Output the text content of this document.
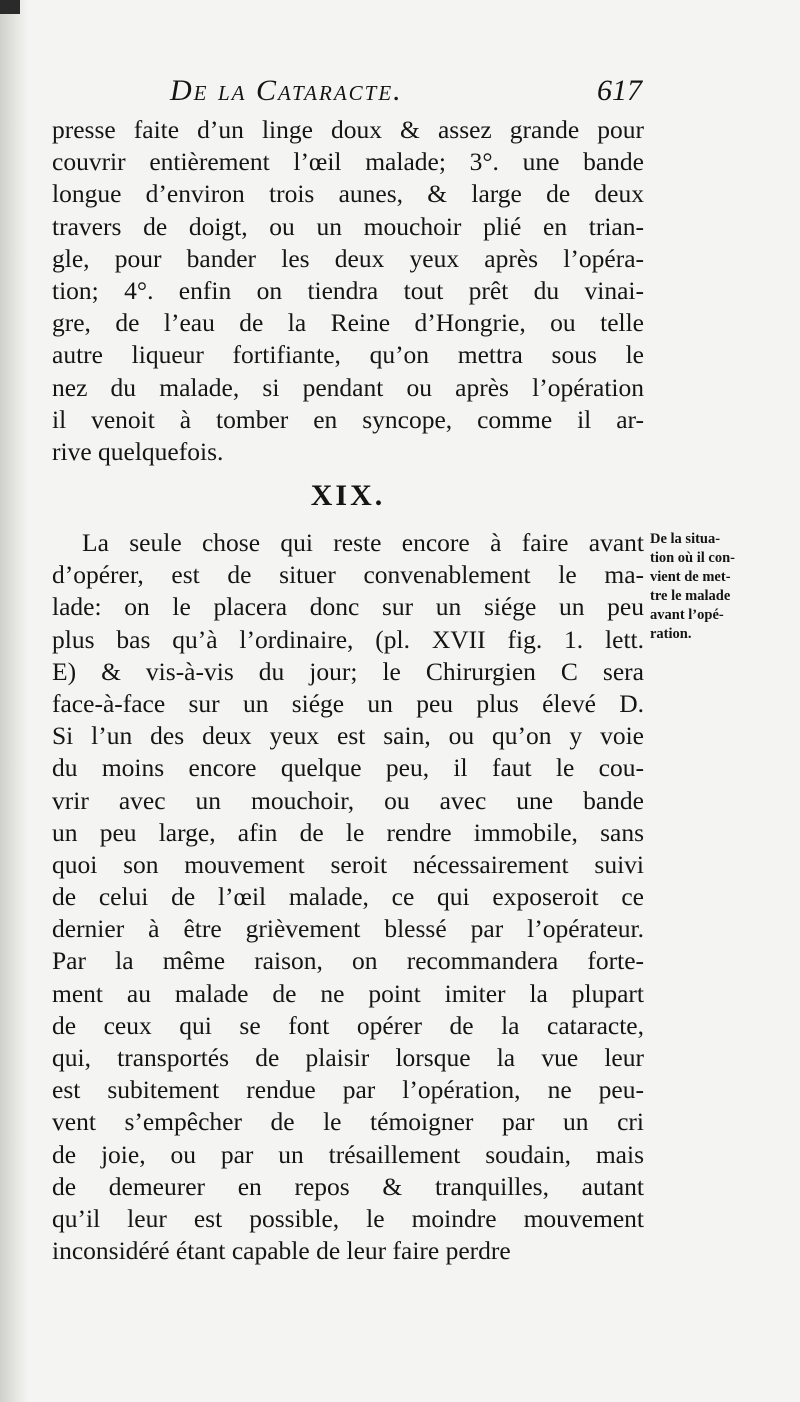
De la Cataracte.	617
presse faite d’un linge doux & assez grande pour
couvrir entièrement l’œil malade; 3°. une bande
longue d’environ trois aunes, & large de deux
travers de doigt, ou un mouchoir plié en trian-
gle, pour bander les deux yeux après l’opéra-
tion; 4°. enfin on tiendra tout prêt du vinai-
gre, de l’eau de la Reine d’Hongrie, ou telle
autre liqueur fortifiante, qu’on mettra sous le
nez du malade, si pendant ou après l’opération
il venoit à tomber en syncope, comme il ar-
rive quelquefois.
XIX.
La seule chose qui reste encore à faire avant
d’opérer, est de situer convenablement le ma-
lade: on le placera donc sur un siége un peu
plus bas qu’à l’ordinaire, (pl. XVII fig. 1. lett.
E) & vis-à-vis du jour; le Chirurgien C sera
face-à-face sur un siége un peu plus élevé D.
Si l’un des deux yeux est sain, ou qu’on y voie
du moins encore quelque peu, il faut le cou-
vrir avec un mouchoir, ou avec une bande
un peu large, afin de le rendre immobile, sans
quoi son mouvement seroit nécessairement suivi
de celui de l’œil malade, ce qui exposeroit ce
dernier à être grièvement blessé par l’opérateur.
Par la même raison, on recommandera forte-
ment au malade de ne point imiter la plupart
de ceux qui se font opérer de la cataracte,
qui, transportés de plaisir lorsque la vue leur
est subitement rendue par l’opération, ne peu-
vent s’empêcher de le témoigner par un cri
de joie, ou par un trésaillement soudain, mais
de demeurer en repos & tranquilles, autant
qu’il leur est possible, le moindre mouvement
inconsidéré étant capable de leur faire perdre
De la situa-
tion où il con-
vient de met-
tre le malade
avant l’opé-
ration.
